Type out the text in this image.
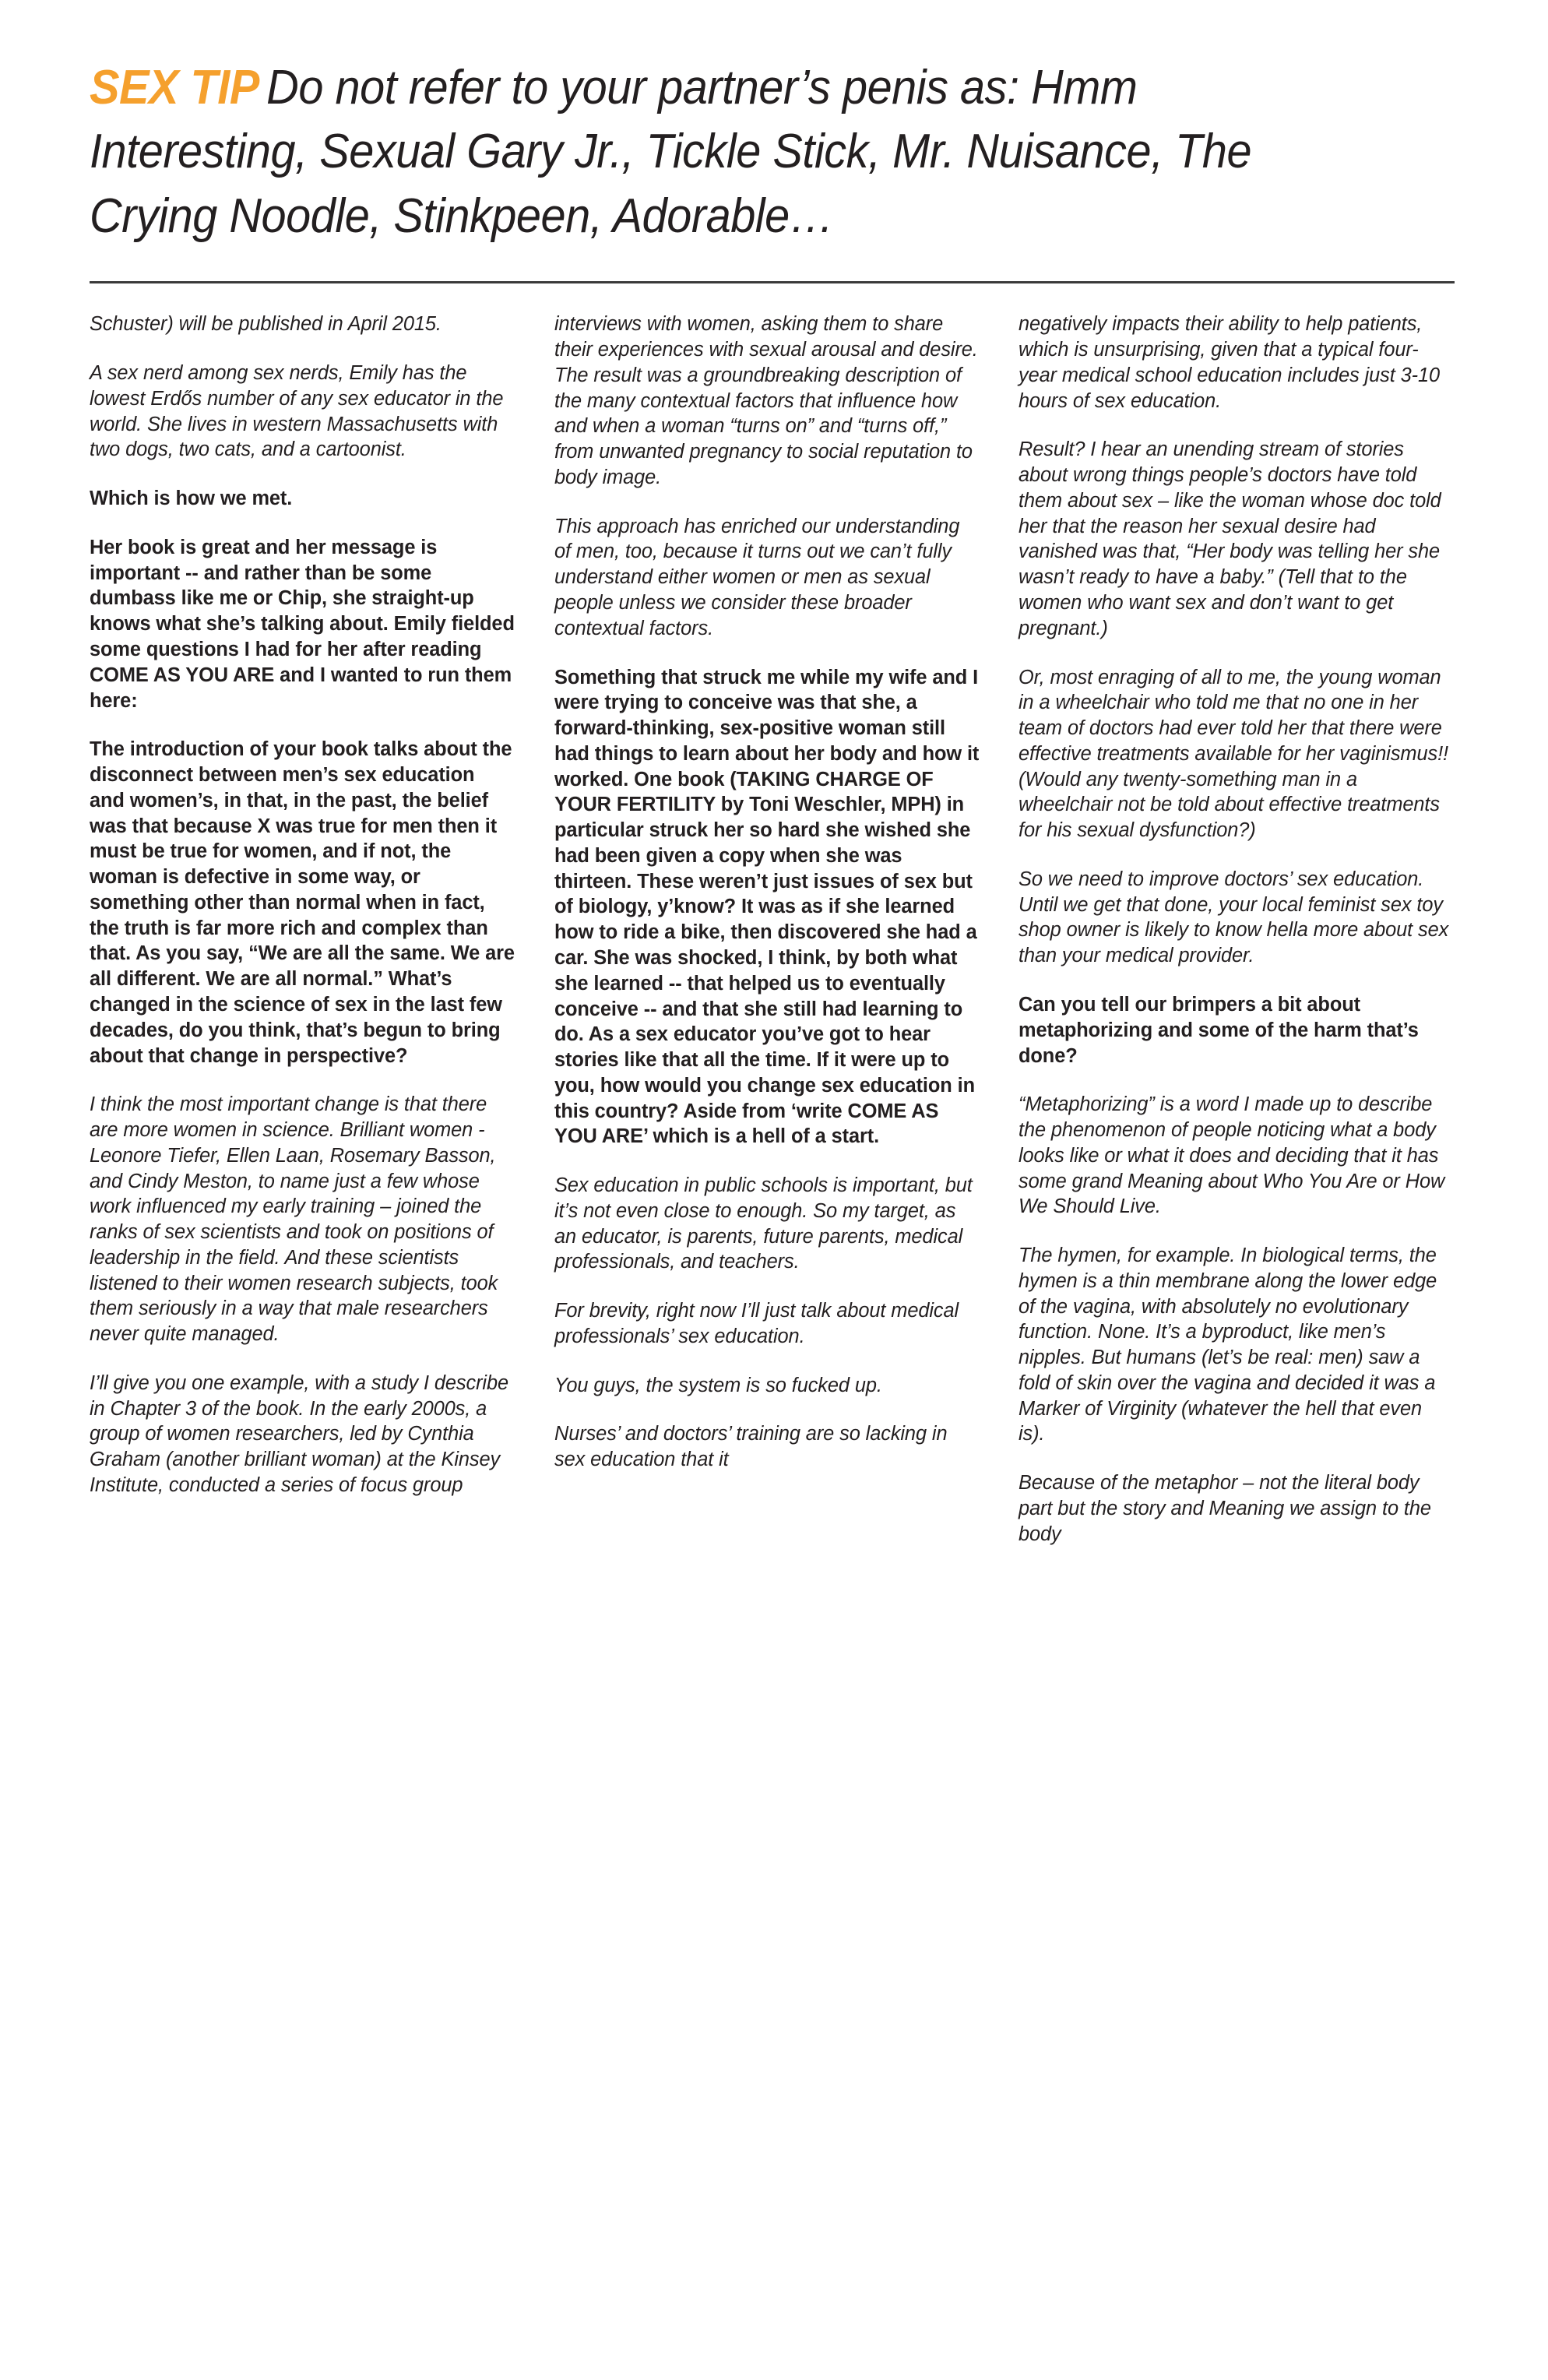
SEX TIP Do not refer to your partner’s penis as: Hmm Interesting, Sexual Gary Jr., Tickle Stick, Mr. Nuisance, The Crying Noodle, Stinkpeen, Adorable…

Schuster) will be published in April 2015.

A sex nerd among sex nerds, Emily has the lowest Erdős number of any sex educator in the world. She lives in western Massachusetts with two dogs, two cats, and a cartoonist.

Which is how we met.

Her book is great and her message is important -- and rather than be some dumbass like me or Chip, she straight-up knows what she’s talking about. Emily fielded some questions I had for her after reading COME AS YOU ARE and I wanted to run them here:

The introduction of your book talks about the disconnect between men’s sex education and women’s, in that, in the past, the belief was that because X was true for men then it must be true for women, and if not, the woman is defective in some way, or something other than normal when in fact, the truth is far more rich and complex than that. As you say, “We are all the same. We are all different. We are all normal.” What’s changed in the science of sex in the last few decades, do you think, that’s begun to bring about that change in perspective?

I think the most important change is that there are more women in science. Brilliant women - Leonore Tiefer, Ellen Laan, Rosemary Basson, and Cindy Meston, to name just a few whose work influenced my early training – joined the ranks of sex scientists and took on positions of leadership in the field. And these scientists listened to their women research subjects, took them seriously in a way that male researchers never quite managed.

I’ll give you one example, with a study I describe in Chapter 3 of the book. In the early 2000s, a group of women researchers, led by Cynthia Graham (another brilliant woman) at the Kinsey Institute, conducted a series of focus group

interviews with women, asking them to share their experiences with sexual arousal and desire. The result was a groundbreaking description of the many contextual factors that influence how and when a woman “turns on” and “turns off,” from unwanted pregnancy to social reputation to body image.

This approach has enriched our understanding of men, too, because it turns out we can’t fully understand either women or men as sexual people unless we consider these broader contextual factors.

Something that struck me while my wife and I were trying to conceive was that she, a forward-thinking, sex-positive woman still had things to learn about her body and how it worked. One book (TAKING CHARGE OF YOUR FERTILITY by Toni Weschler, MPH) in particular struck her so hard she wished she had been given a copy when she was thirteen. These weren’t just issues of sex but of biology, y’know? It was as if she learned how to ride a bike, then discovered she had a car. She was shocked, I think, by both what she learned -- that helped us to eventually conceive -- and that she still had learning to do. As a sex educator you’ve got to hear stories like that all the time. If it were up to you, how would you change sex education in this country? Aside from ‘write COME AS YOU ARE’ which is a hell of a start.

Sex education in public schools is important, but it’s not even close to enough. So my target, as an educator, is parents, future parents, medical professionals, and teachers.

For brevity, right now I’ll just talk about medical professionals’ sex education.

You guys, the system is so fucked up.

Nurses’ and doctors’ training are so lacking in sex education that it

negatively impacts their ability to help patients, which is unsurprising, given that a typical four-year medical school education includes just 3-10 hours of sex education.

Result? I hear an unending stream of stories about wrong things people’s doctors have told them about sex – like the woman whose doc told her that the reason her sexual desire had vanished was that, “Her body was telling her she wasn’t ready to have a baby.” (Tell that to the women who want sex and don’t want to get pregnant.)

Or, most enraging of all to me, the young woman in a wheelchair who told me that no one in her team of doctors had ever told her that there were effective treatments available for her vaginismus!! (Would any twenty-something man in a wheelchair not be told about effective treatments for his sexual dysfunction?)

So we need to improve doctors’ sex education. Until we get that done, your local feminist sex toy shop owner is likely to know hella more about sex than your medical provider.

Can you tell our brimpers a bit about metaphorizing and some of the harm that’s done?

“Metaphorizing” is a word I made up to describe the phenomenon of people noticing what a body looks like or what it does and deciding that it has some grand Meaning about Who You Are or How We Should Live.

The hymen, for example. In biological terms, the hymen is a thin membrane along the lower edge of the vagina, with absolutely no evolutionary function. None. It’s a byproduct, like men’s nipples. But humans (let’s be real: men) saw a fold of skin over the vagina and decided it was a Marker of Virginity (whatever the hell that even is).

Because of the metaphor – not the literal body part but the story and Meaning we assign to the body
